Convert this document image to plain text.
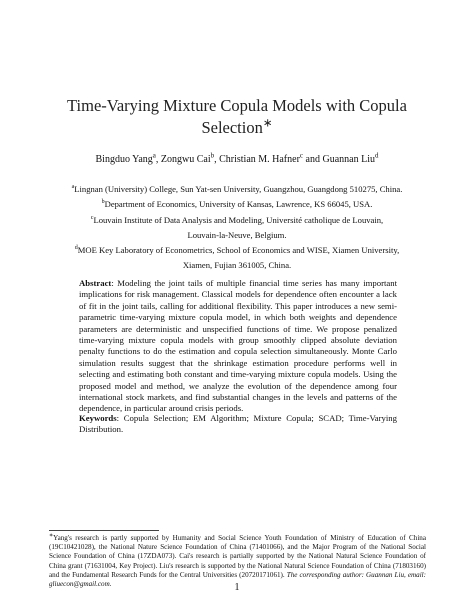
Time-Varying Mixture Copula Models with Copula
Selection∗
Bingduo Yang$^a$, Zongwu Cai$^b$, Christian M. Hafner$^c$ and Guannan Liu$^d$
$^a$Lingnan (University) College, Sun Yat-sen University, Guangzhou, Guangdong 510275, China.
$^b$Department of Economics, University of Kansas, Lawrence, KS 66045, USA.
$^c$Louvain Institute of Data Analysis and Modeling, Université catholique de Louvain,
Louvain-la-Neuve, Belgium.
$^d$MOE Key Laboratory of Econometrics, School of Economics and WISE, Xiamen University,
Xiamen, Fujian 361005, China.
Abstract: Modeling the joint tails of multiple financial time series has many important implications for risk management. Classical models for dependence often encounter a lack of fit in the joint tails, calling for additional flexibility. This paper introduces a new semi-parametric time-varying mixture copula model, in which both weights and dependence parameters are deterministic and unspecified functions of time. We propose penalized time-varying mixture copula models with group smoothly clipped absolute deviation penalty functions to do the estimation and copula selection simultaneously. Monte Carlo simulation results suggest that the shrinkage estimation procedure performs well in selecting and estimating both constant and time-varying mixture copula models. Using the proposed model and method, we analyze the evolution of the dependence among four international stock markets, and find substantial changes in the levels and patterns of the dependence, in particular around crisis periods.
Keywords: Copula Selection; EM Algorithm; Mixture Copula; SCAD; Time-Varying Distribution.
∗Yang's research is partly supported by Humanity and Social Science Youth Foundation of Ministry of Education of China (19C10421028), the National Nature Science Foundation of China (71401066), and the Major Program of the National Social Science Foundation of China (17ZDA073). Cai's research is partially supported by the National Natural Science Foundation of China grant (71631004, Key Project). Liu's research is supported by the National Natural Science Foundation of China (71803160) and the Fundamental Research Funds for the Central Universities (20720171061). The corresponding author: Guannan Liu, email: gliuecon@gmail.com.	1
